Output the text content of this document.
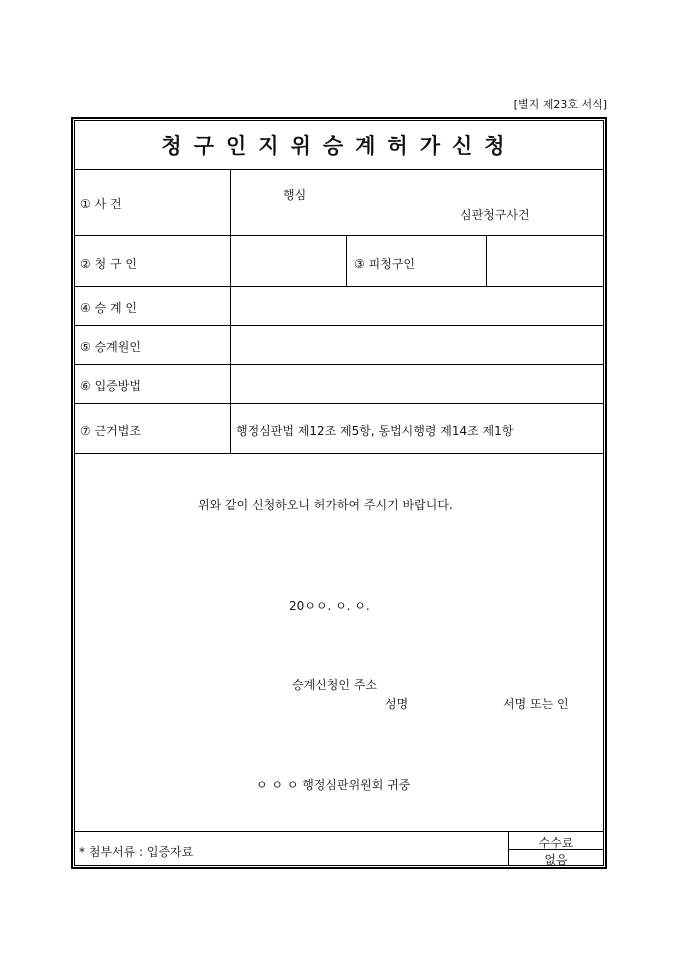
[별지 제23호 서식]
청구인지위승계허가신청
① 사 건
행심
심판청구사건
② 청 구 인	③ 피청구인
④ 승 계 인
⑤ 승계원인
⑥ 입증방법
⑦ 근거법조	행정심판법 제12조 제5항, 동법시행령 제14조 제1항
위와 같이 신청하오니 허가하여 주시기 바랍니다.
20ㅇㅇ. ㅇ. ㅇ.
승계신청인 주소
성명	서명 또는 인
ㅇ ㅇ ㅇ 행정심판위원회 귀중
* 첨부서류 : 입증자료
수수료
없음
